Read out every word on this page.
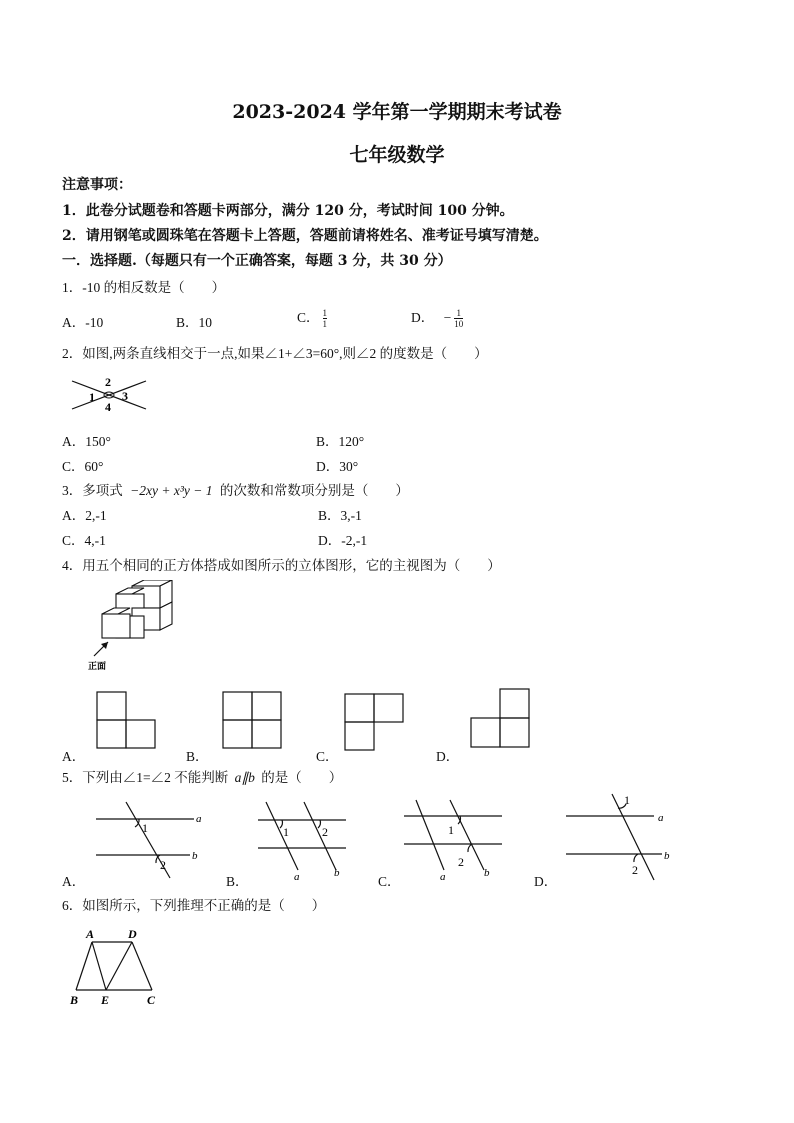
2023-2024 学年第一学期期末考试卷
七年级数学
注意事项：
1．此卷分试题卷和答题卡两部分，满分 120 分，考试时间 100 分钟。
2．请用钢笔或圆珠笔在答题卡上答题，答题前请将姓名、准考证号填写清楚。
一．选择题.（每题只有一个正确答案，每题 3 分，共 30 分）
1．-10 的相反数是（　　）
A．-10	B．10	C． $\frac{1}{1}$	D． − $\frac{1}{10}$
2．如图,两条直线相交于一点,如果∠1+∠3=60°,则∠2 的度数是（　　）
1
2
3
4
A．150°	B．120°
C．60°	D．30°
3．多项式 −2xy + x³y − 1 的次数和常数项分别是（　　）
A．2,-1	B．3,-1
C．4,-1	D．-2,-1
4．用五个相同的正方体搭成如图所示的立体图形，它的主视图为（　　）
正面
A．	B．	C．	D．
5．下列由∠1=∠2 不能判断 a∥b 的是（　　）
A．
a
b
1
2
B．
1	2
a	b
C．
1
2
a	b
D．
1
2
a
b
6．如图所示，下列推理不正确的是（　　）
A	D
B E	C
